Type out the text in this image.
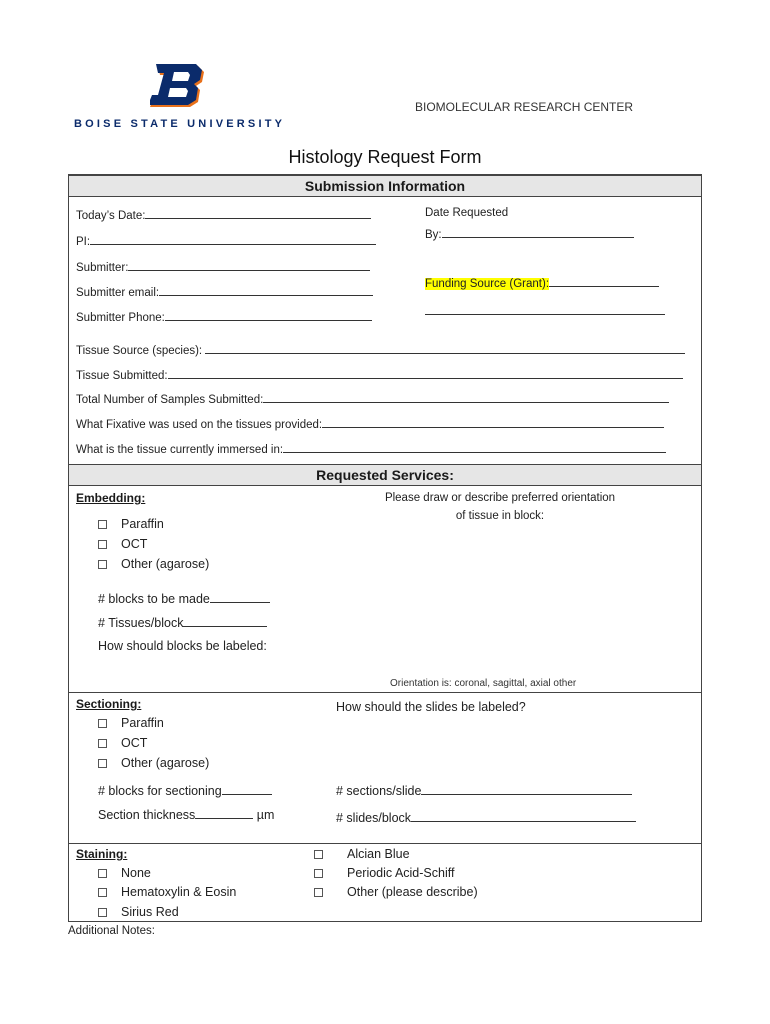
BOISE STATE UNIVERSITY
BIOMOLECULAR RESEARCH CENTER
Histology Request Form
Submission Information
Requested Services:
Today’s Date:
PI:
Submitter:
Submitter email:
Submitter Phone:
Date Requested
By:
Funding Source (Grant):
Tissue Source (species):
Tissue Submitted:
Total Number of Samples Submitted:
What Fixative was used on the tissues provided:
What is the tissue currently immersed in:
Embedding:
Paraffin
OCT
Other (agarose)
# blocks to be made
# Tissues/block
How should blocks be labeled:
Please draw or describe preferred orientation
of tissue in block:
Orientation is: coronal, sagittal, axial other
Sectioning:
Paraffin
OCT
Other (agarose)
# blocks for sectioning
Section thickness	µm
How should the slides be labeled?
# sections/slide
# slides/block
Staining:
None
Hematoxylin & Eosin
Sirius Red
Alcian Blue
Periodic Acid-Schiff
Other (please describe)
Additional Notes:
